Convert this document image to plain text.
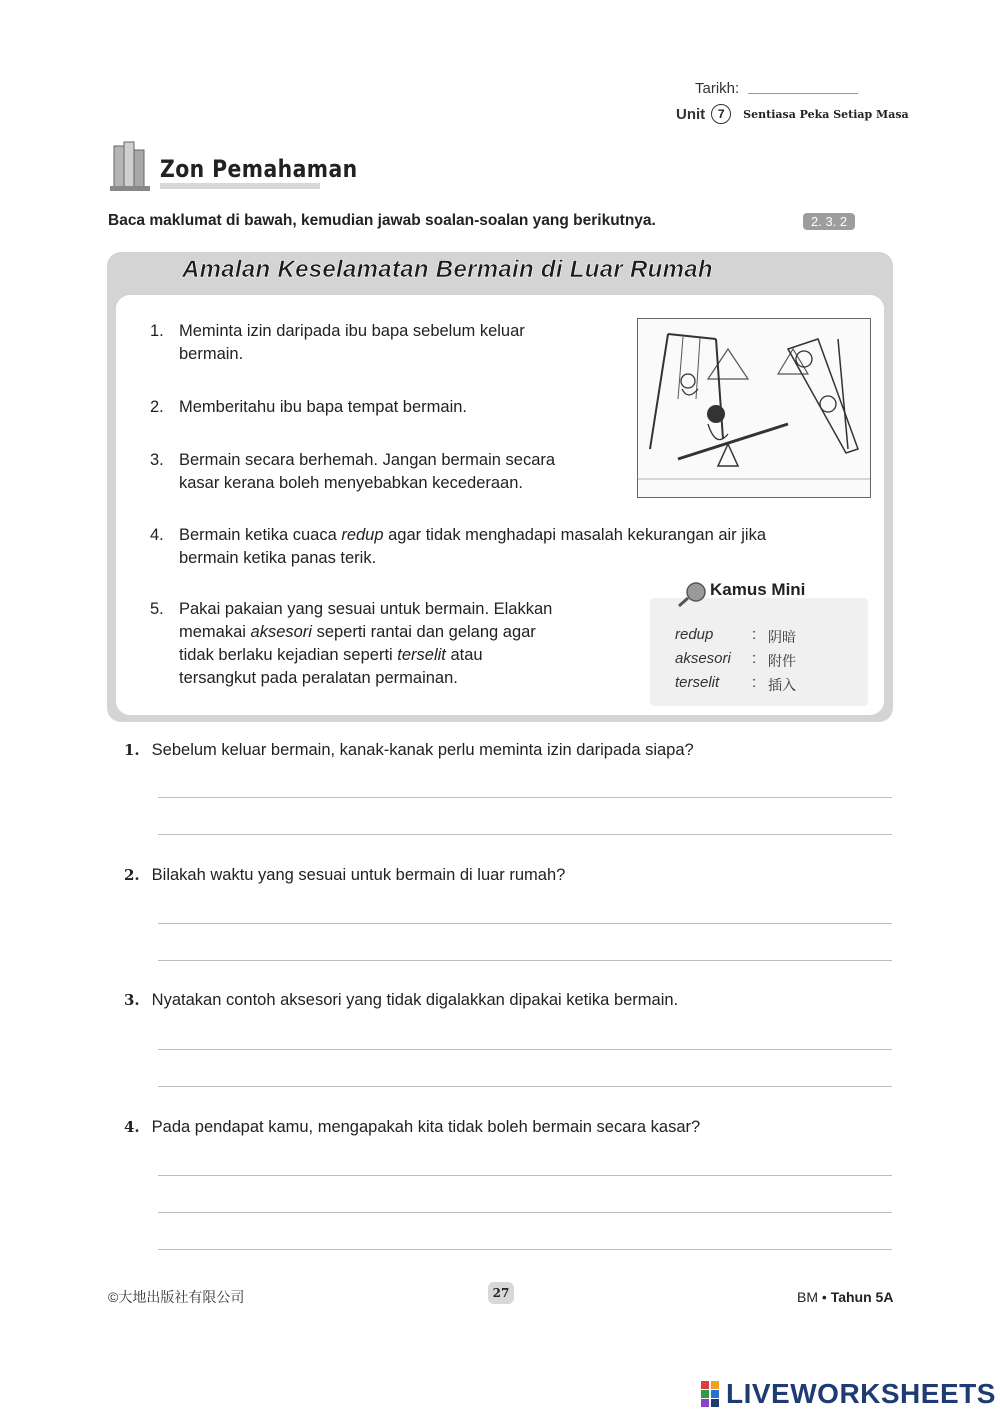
Tarikh:
Unit	7	Sentiasa Peka Setiap Masa
Zon Pemahaman
Baca maklumat di bawah, kemudian jawab soalan-soalan yang berikutnya.	2. 3. 2
Amalan Keselamatan Bermain di Luar Rumah
1. Meminta izin daripada ibu bapa sebelum keluar
bermain.
2. Memberitahu ibu bapa tempat bermain.
3. Bermain secara berhemah. Jangan bermain secara
kasar kerana boleh menyebabkan kecederaan.
4. Bermain ketika cuaca redup agar tidak menghadapi masalah kekurangan air jika
bermain ketika panas terik.
5. Pakai pakaian yang sesuai untuk bermain. Elakkan
memakai aksesori seperti rantai dan gelang agar
tidak berlaku kejadian seperti terselit atau
tersangkut pada peralatan permainan.
Kamus Mini
redup	: 阴暗
aksesori : 附件
terselit : 插入
1. Sebelum keluar bermain, kanak-kanak perlu meminta izin daripada siapa?
2. Bilakah waktu yang sesuai untuk bermain di luar rumah?
3. Nyatakan contoh aksesori yang tidak digalakkan dipakai ketika bermain.
4. Pada pendapat kamu, mengapakah kita tidak boleh bermain secara kasar?
©大地出版社有限公司	27	BM • Tahun 5A
LIVEWORKSHEETS
